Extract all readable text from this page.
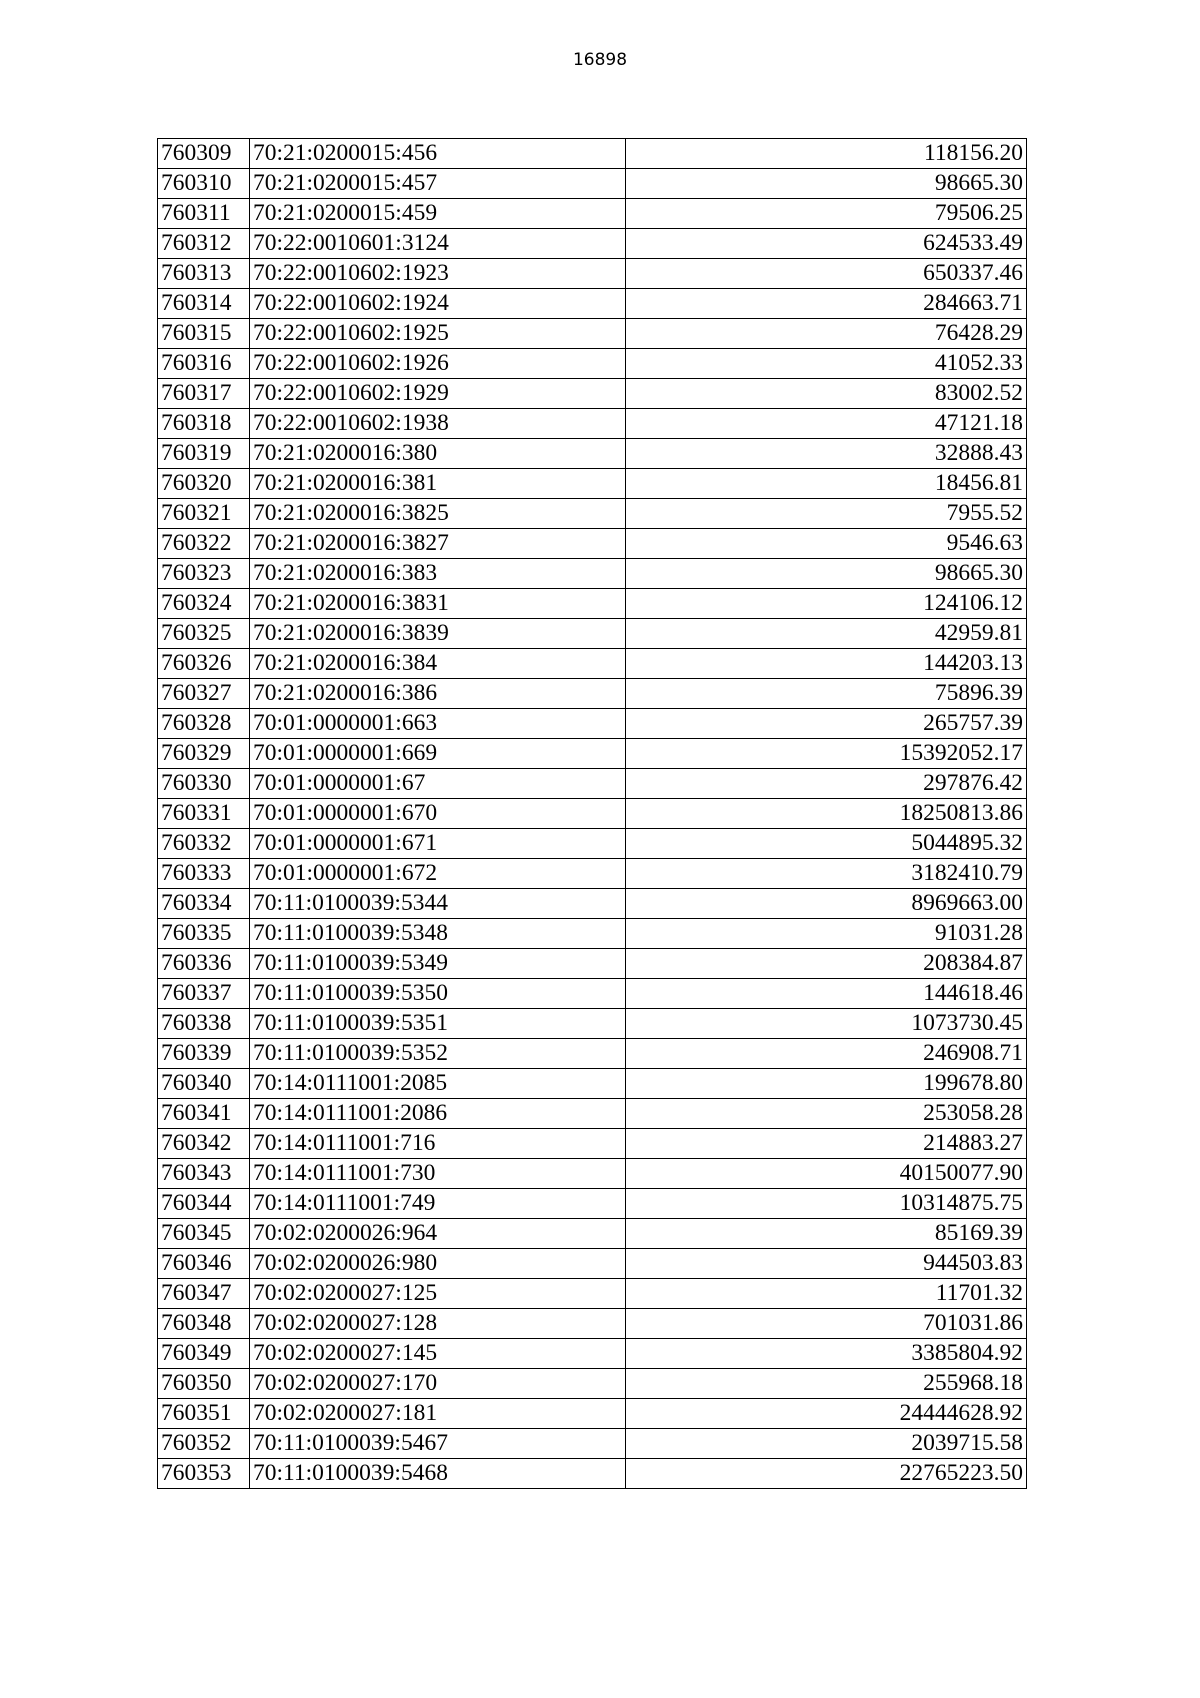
16898
760309	70:21:0200015:456	118156.20
760310	70:21:0200015:457	98665.30
760311	70:21:0200015:459	79506.25
760312	70:22:0010601:3124	624533.49
760313	70:22:0010602:1923	650337.46
760314	70:22:0010602:1924	284663.71
760315	70:22:0010602:1925	76428.29
760316	70:22:0010602:1926	41052.33
760317	70:22:0010602:1929	83002.52
760318	70:22:0010602:1938	47121.18
760319	70:21:0200016:380	32888.43
760320	70:21:0200016:381	18456.81
760321	70:21:0200016:3825	7955.52
760322	70:21:0200016:3827	9546.63
760323	70:21:0200016:383	98665.30
760324	70:21:0200016:3831	124106.12
760325	70:21:0200016:3839	42959.81
760326	70:21:0200016:384	144203.13
760327	70:21:0200016:386	75896.39
760328	70:01:0000001:663	265757.39
760329	70:01:0000001:669	15392052.17
760330	70:01:0000001:67	297876.42
760331	70:01:0000001:670	18250813.86
760332	70:01:0000001:671	5044895.32
760333	70:01:0000001:672	3182410.79
760334	70:11:0100039:5344	8969663.00
760335	70:11:0100039:5348	91031.28
760336	70:11:0100039:5349	208384.87
760337	70:11:0100039:5350	144618.46
760338	70:11:0100039:5351	1073730.45
760339	70:11:0100039:5352	246908.71
760340	70:14:0111001:2085	199678.80
760341	70:14:0111001:2086	253058.28
760342	70:14:0111001:716	214883.27
760343	70:14:0111001:730	40150077.90
760344	70:14:0111001:749	10314875.75
760345	70:02:0200026:964	85169.39
760346	70:02:0200026:980	944503.83
760347	70:02:0200027:125	11701.32
760348	70:02:0200027:128	701031.86
760349	70:02:0200027:145	3385804.92
760350	70:02:0200027:170	255968.18
760351	70:02:0200027:181	24444628.92
760352	70:11:0100039:5467	2039715.58
760353	70:11:0100039:5468	22765223.50
